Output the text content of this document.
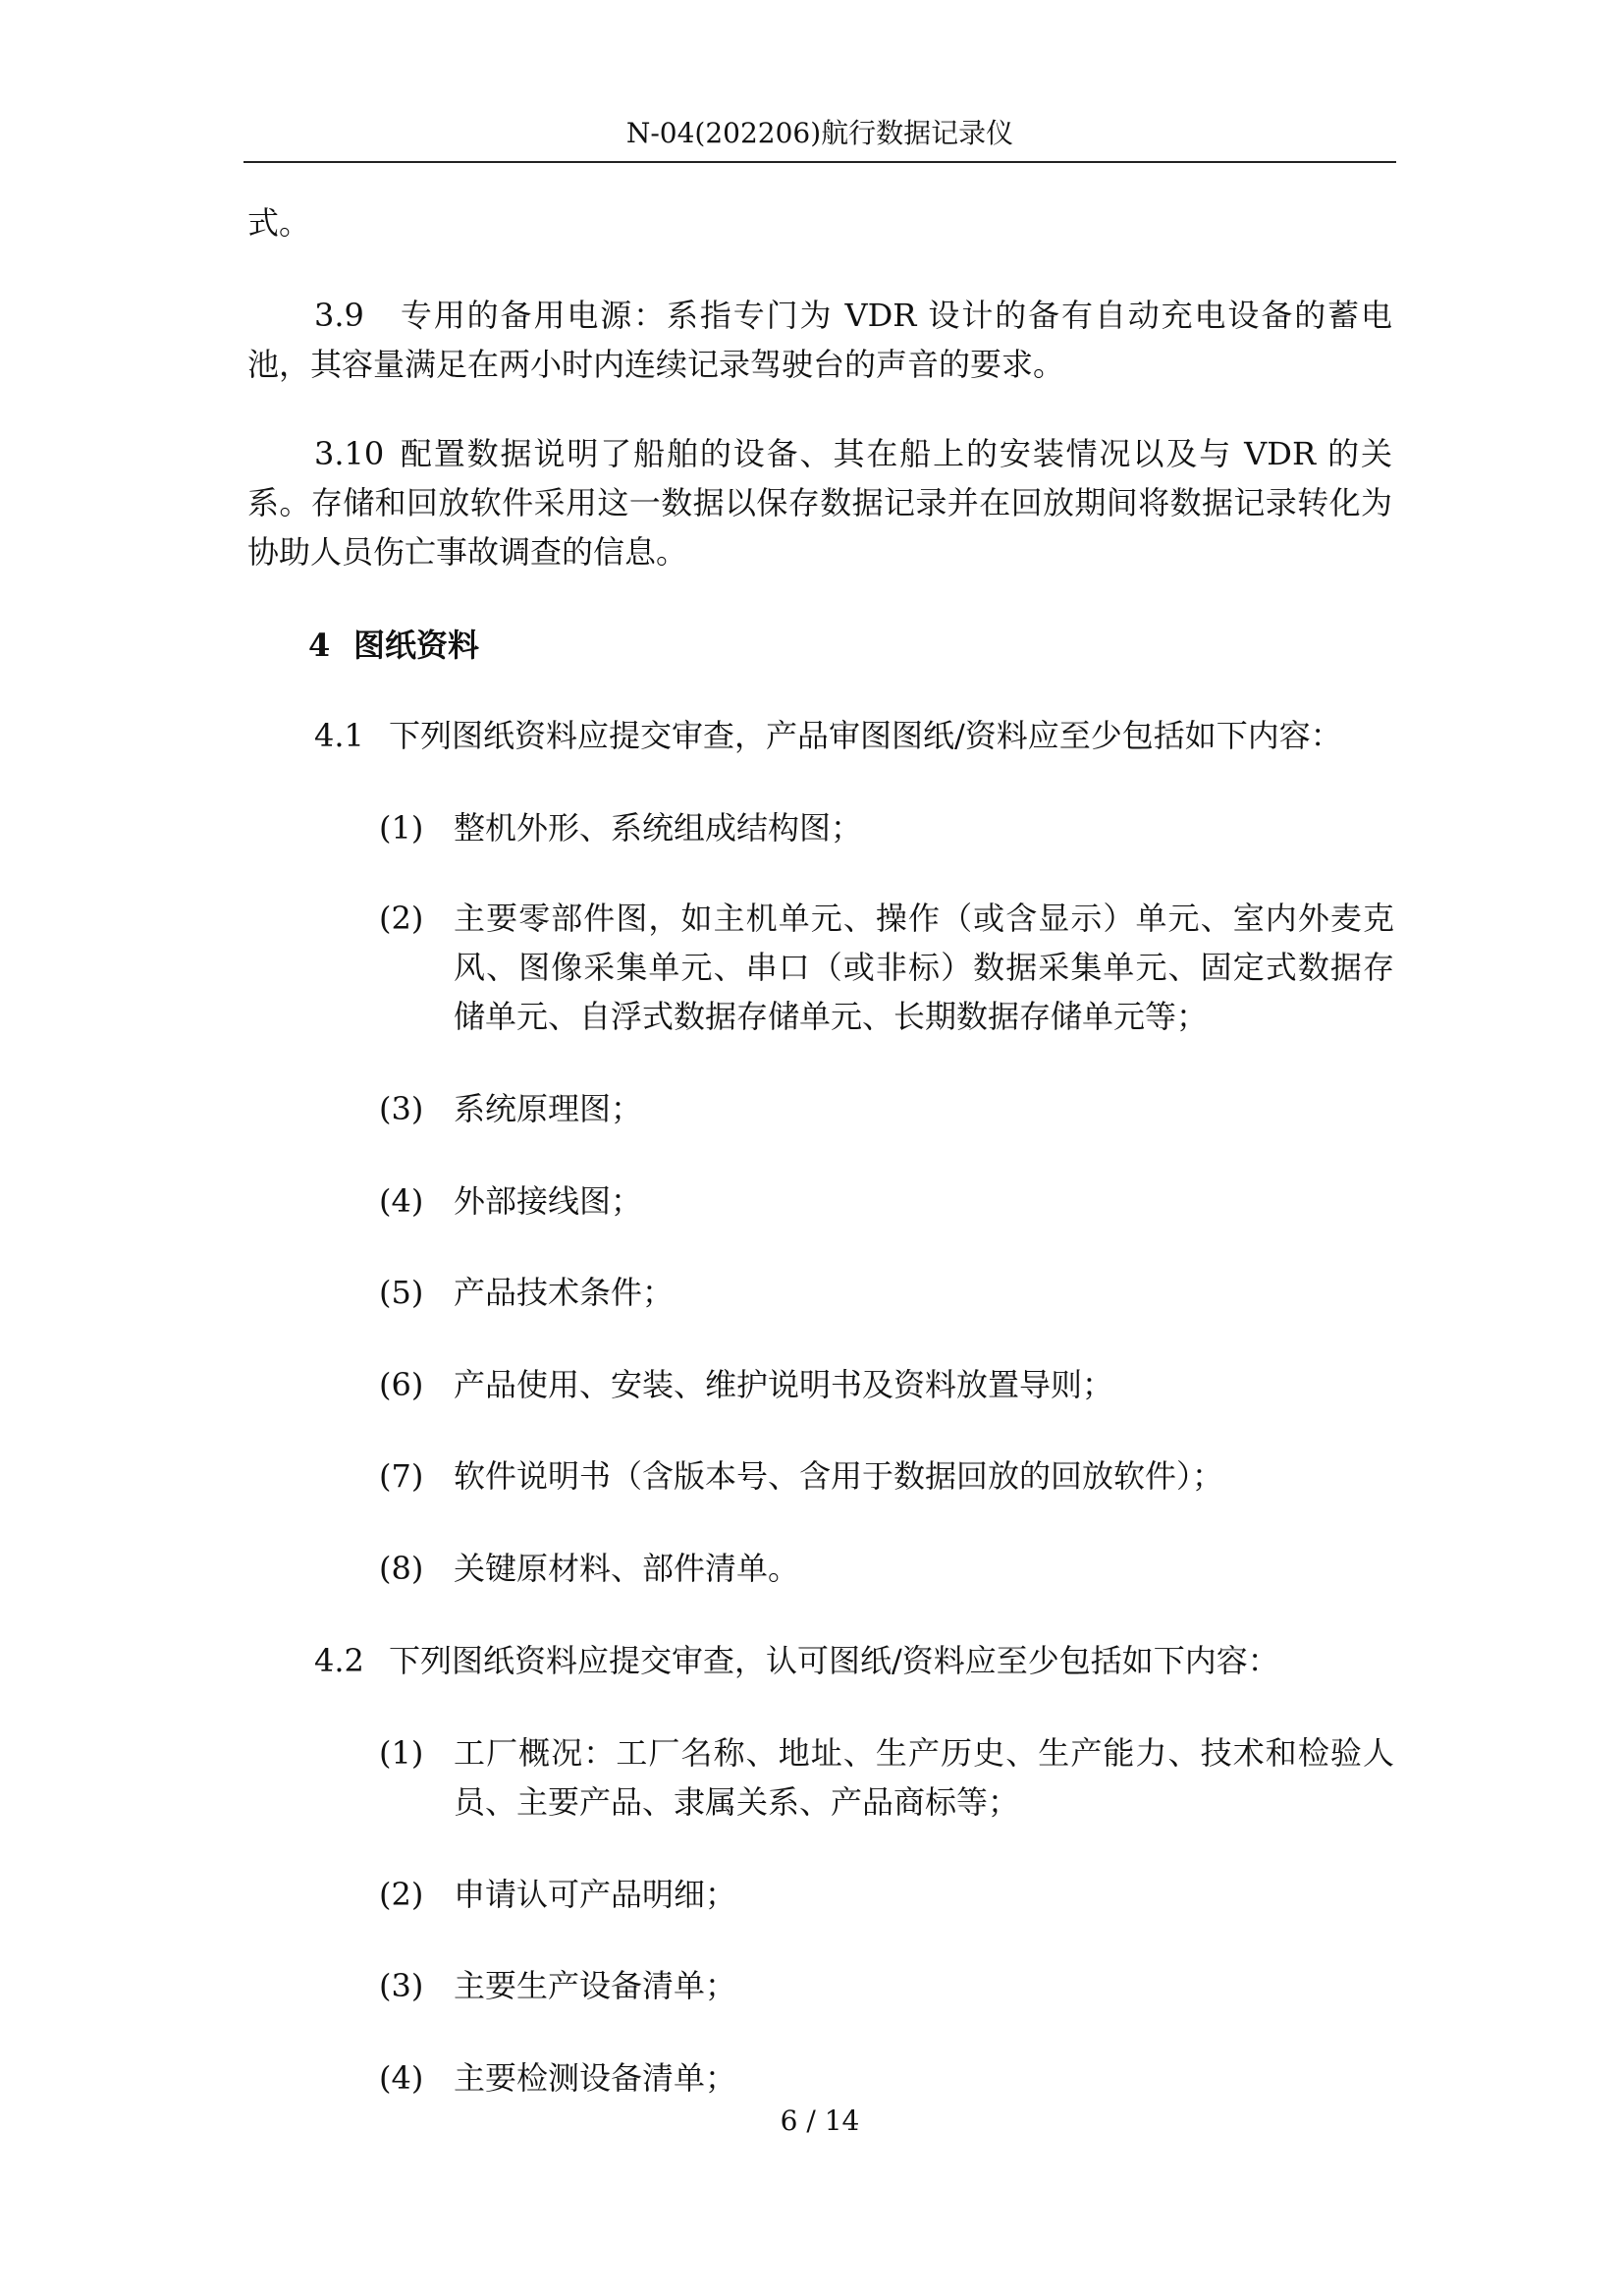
N-04(202206)航行数据记录仪

式。

3.9 专用的备用电源：系指专门为 VDR 设计的备有自动充电设备的蓄电池，其容量满足在两小时内连续记录驾驶台的声音的要求。

3.10 配置数据说明了船舶的设备、其在船上的安装情况以及与 VDR 的关系。存储和回放软件采用这一数据以保存数据记录并在回放期间将数据记录转化为协助人员伤亡事故调查的信息。

4 图纸资料

4.1 下列图纸资料应提交审查，产品审图图纸/资料应至少包括如下内容：

(1) 整机外形、系统组成结构图；
(2) 主要零部件图，如主机单元、操作（或含显示）单元、室内外麦克风、图像采集单元、串口（或非标）数据采集单元、固定式数据存储单元、自浮式数据存储单元、长期数据存储单元等；
(3) 系统原理图；
(4) 外部接线图；
(5) 产品技术条件；
(6) 产品使用、安装、维护说明书及资料放置导则；
(7) 软件说明书（含版本号、含用于数据回放的回放软件）；
(8) 关键原材料、部件清单。

4.2 下列图纸资料应提交审查，认可图纸/资料应至少包括如下内容：

(1) 工厂概况：工厂名称、地址、生产历史、生产能力、技术和检验人员、主要产品、隶属关系、产品商标等；
(2) 申请认可产品明细；
(3) 主要生产设备清单；
(4) 主要检测设备清单；
6 / 14
